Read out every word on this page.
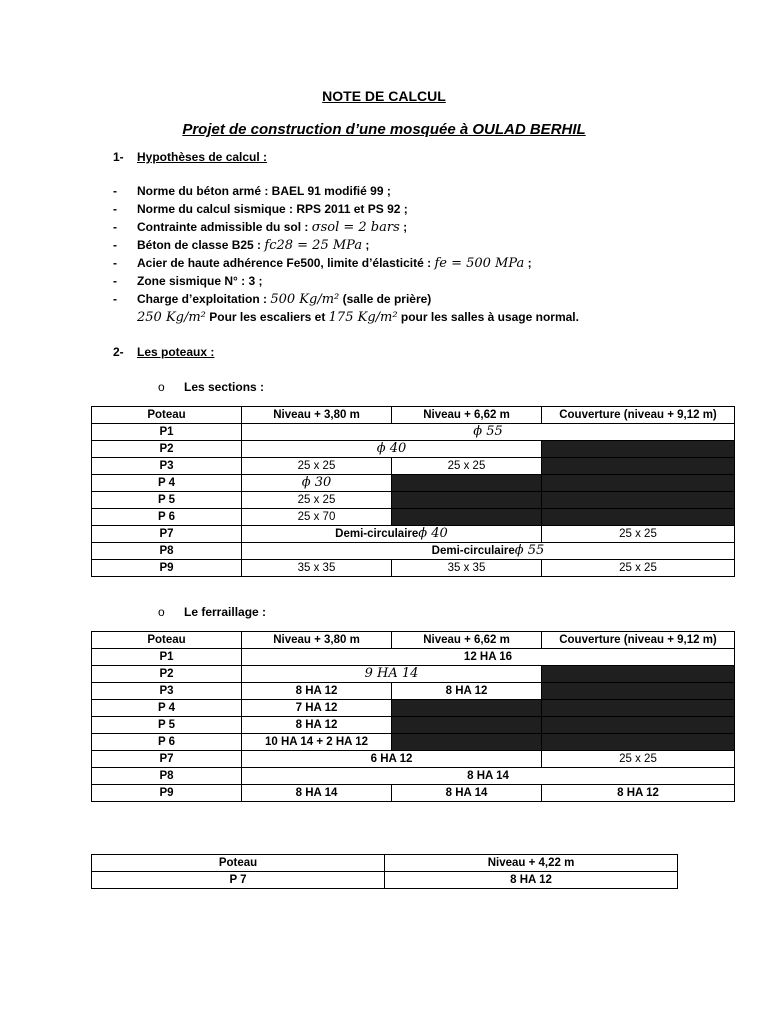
NOTE DE CALCUL
Projet de construction d’une mosquée à OULAD BERHIL
1- Hypothèses de calcul :
- Norme du béton armé : BAEL 91 modifié 99 ;
- Norme du calcul sismique : RPS 2011 et PS 92 ;
- Contrainte admissible du sol : σsol = 2 bars ;
- Béton de classe B25 : fc28 = 25 MPa ;
- Acier de haute adhérence Fe500, limite d’élasticité : fe = 500 MPa ;
- Zone sismique N° : 3 ;
- Charge d’exploitation : 500 Kg/m² (salle de prière)
250 Kg/m² Pour les escaliers et 175 Kg/m² pour les salles à usage normal.
2- Les poteaux :
o Les sections :
Poteau	Niveau + 3,80 m	Niveau + 6,62 m	Couverture (niveau + 9,12 m)
P1	ϕ 55		
P2	ϕ 40		
P3	25 x 25	25 x 25	
P 4	ϕ 30		
P 5	25 x 25		
P 6	25 x 70		
P7	Demi-circulaireϕ 40		25 x 25
P8	Demi-circulaireϕ 55		
P9	35 x 35	35 x 35	25 x 25
o Le ferraillage :
Poteau	Niveau + 3,80 m	Niveau + 6,62 m	Couverture (niveau + 9,12 m)
P1	12 HA 16		
P2	9 HA 14		
P3	8 HA 12	8 HA 12	
P 4	7 HA 12		
P 5	8 HA 12		
P 6	10 HA 14 + 2 HA 12		
P7	6 HA 12		25 x 25
P8	8 HA 14		
P9	8 HA 14	8 HA 14	8 HA 12
Poteau	Niveau + 4,22 m
P 7	8 HA 12
